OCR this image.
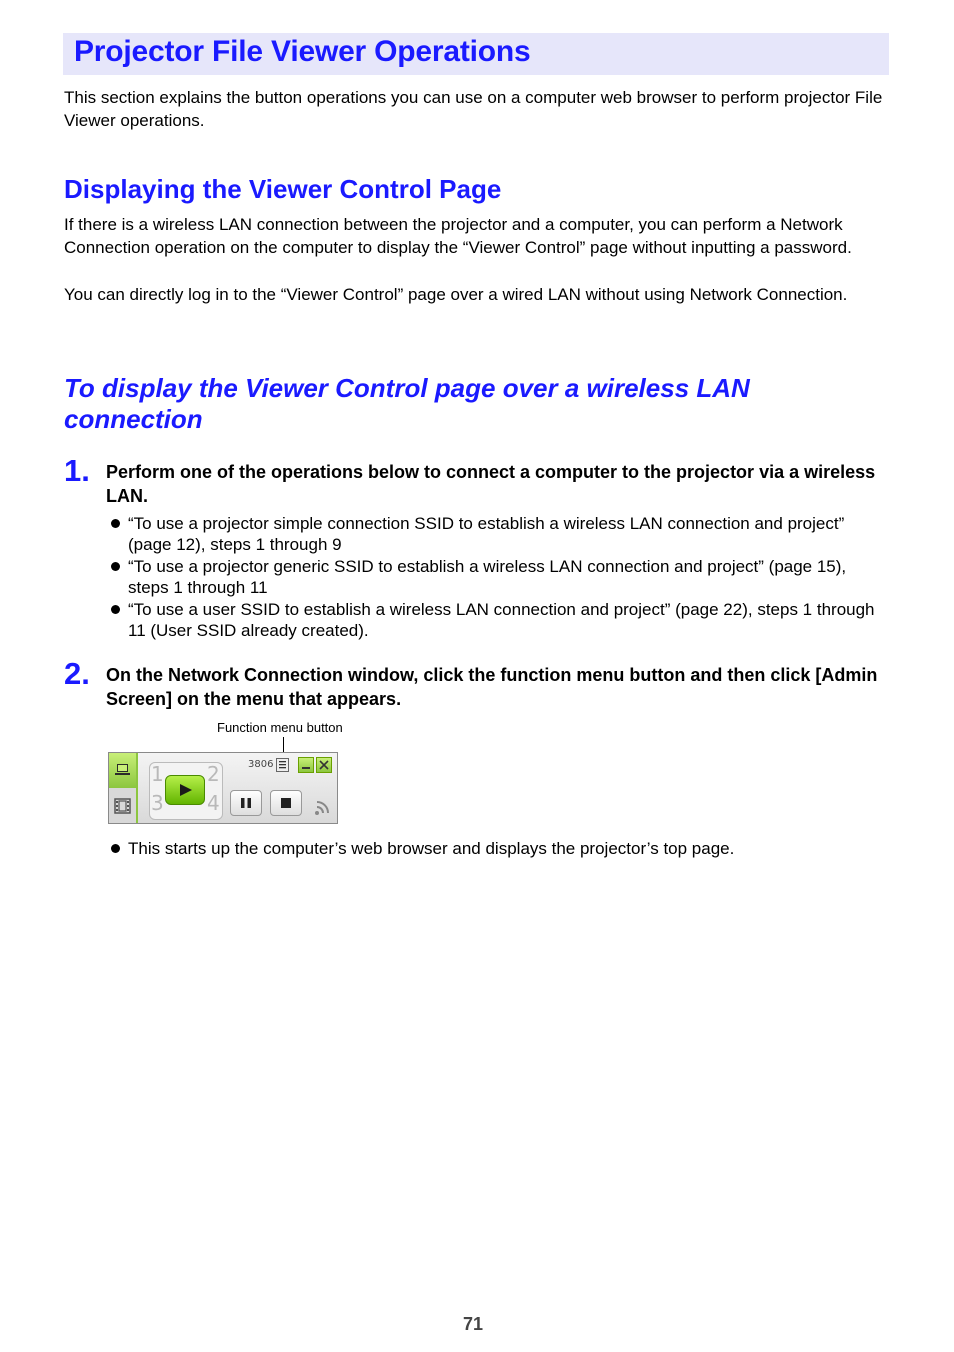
Projector File Viewer Operations
This section explains the button operations you can use on a computer web browser to perform projector File Viewer operations.
Displaying the Viewer Control Page
If there is a wireless LAN connection between the projector and a computer, you can perform a Network Connection operation on the computer to display the “Viewer Control” page without inputting a password.
You can directly log in to the “Viewer Control” page over a wired LAN without using Network Connection.
To display the Viewer Control page over a wireless LAN connection
1. Perform one of the operations below to connect a computer to the projector via a wireless LAN.
“To use a projector simple connection SSID to establish a wireless LAN connection and project” (page 12), steps 1 through 9
“To use a projector generic SSID to establish a wireless LAN connection and project” (page 15), steps 1 through 11
“To use a user SSID to establish a wireless LAN connection and project” (page 22), steps 1 through 11 (User SSID already created).
2. On the Network Connection window, click the function menu button and then click [Admin Screen] on the menu that appears.
Function menu button
1 2
3 4
3806
This starts up the computer’s web browser and displays the projector’s top page.
71
